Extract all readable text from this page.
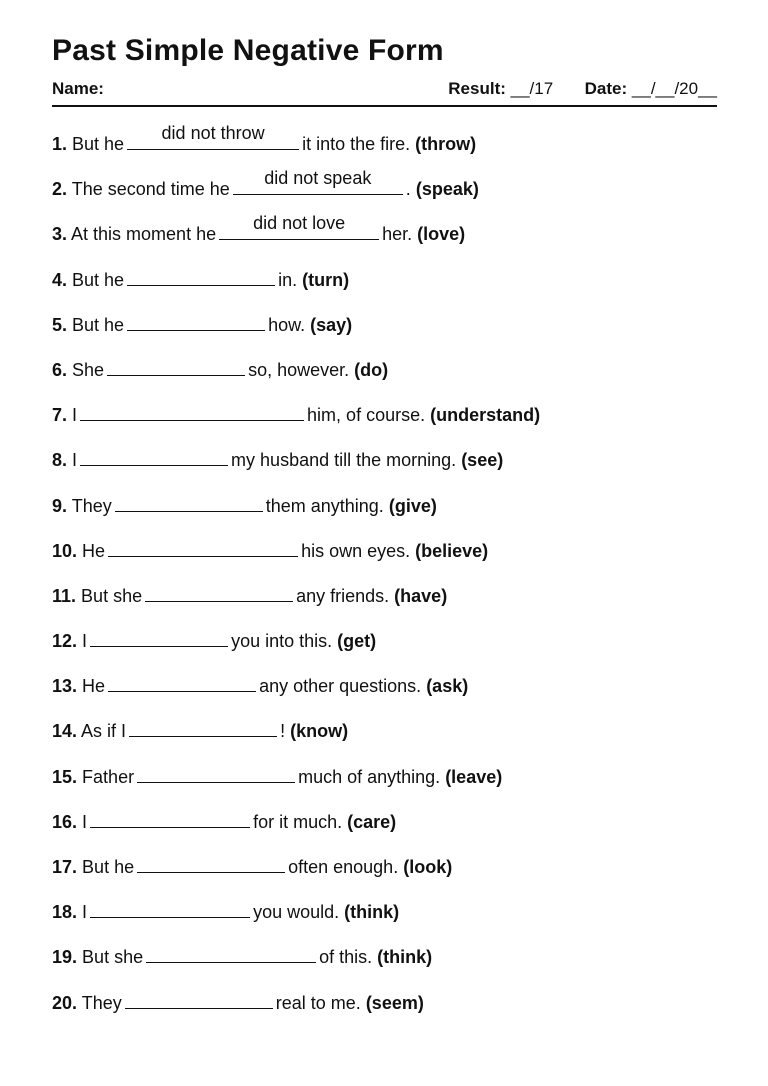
Past Simple Negative Form
Name:	Result: __/17 Date: __/__/20__
1. But he
did not throw
it into the fire. (throw)
2. The second time he
did not speak
. (speak)
3. At this moment he
did not love
her. (love)
4. But he	in. (turn)
5. But he	how. (say)
6. She	so, however. (do)
7. I	him, of course. (understand)
8. I	my husband till the morning. (see)
9. They	them anything. (give)
10. He	his own eyes. (believe)
11. But she	any friends. (have)
12. I	you into this. (get)
13. He	any other questions. (ask)
14. As if I	! (know)
15. Father	much of anything. (leave)
16. I	for it much. (care)
17. But he	often enough. (look)
18. I	you would. (think)
19. But she	of this. (think)
20. They	real to me. (seem)
